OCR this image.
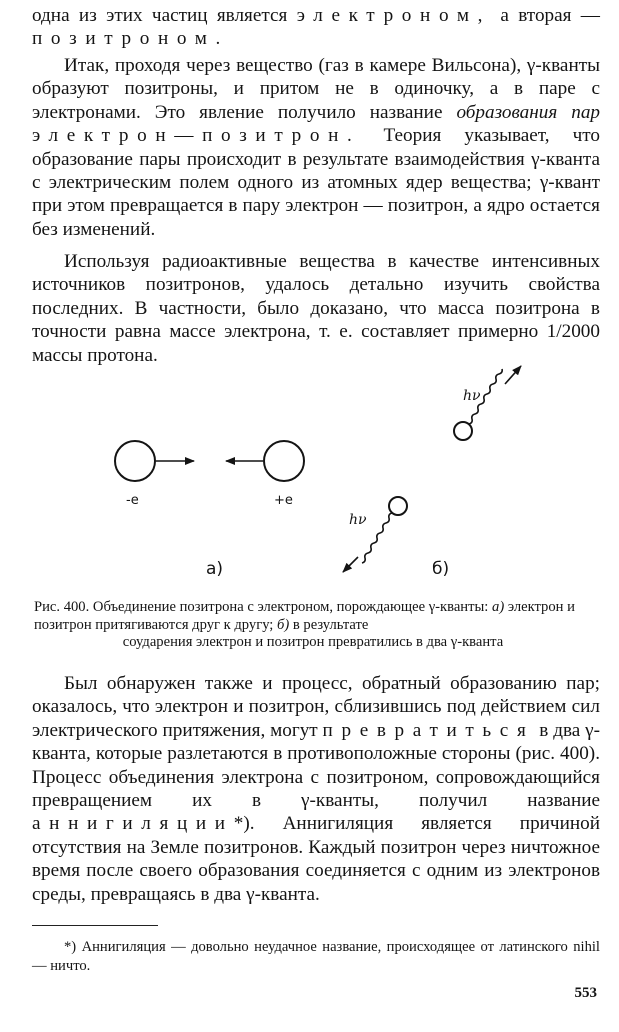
одна из этих частиц является электроном, а вторая — позитроном.

Итак, проходя через вещество (газ в камере Вильсона), γ-кванты образуют позитроны, и притом не в одиночку, а в паре с электронами. Это явление получило название образования пар электрон—позитрон. Теория указывает, что образование пары происходит в результате взаимодействия γ-кванта с электрическим полем одного из атомных ядер вещества; γ-квант при этом превращается в пару электрон — позитрон, а ядро остается без изменений.

Используя радиоактивные вещества в качестве интенсивных источников позитронов, удалось детально изучить свойства последних. В частности, было доказано, что масса позитрона в точности равна массе электрона, т. е. составляет примерно 1/2000 массы протона.

-e	+e
а)
hν
hν
б)

Рис. 400. Объединение позитрона с электроном, порождающее γ-кванты: а) электрон и позитрон притягиваются друг к другу; б) в результате
соударения электрон и позитрон превратились в два γ-кванта

Был обнаружен также и процесс, обратный образованию пар; оказалось, что электрон и позитрон, сблизившись под действием сил электрического притяжения, могут превратиться в два γ-кванта, которые разлетаются в противоположные стороны (рис. 400). Процесс объединения электрона с позитроном, сопровождающийся превращением их в γ-кванты, получил название аннигиляции*). Аннигиляция является причиной отсутствия на Земле позитронов. Каждый позитрон через ничтожное время после своего образования соединяется с одним из электронов среды, превращаясь в два γ-кванта.

*) Аннигиляция — довольно неудачное название, происходящее от латинского nihil — ничто.

553
